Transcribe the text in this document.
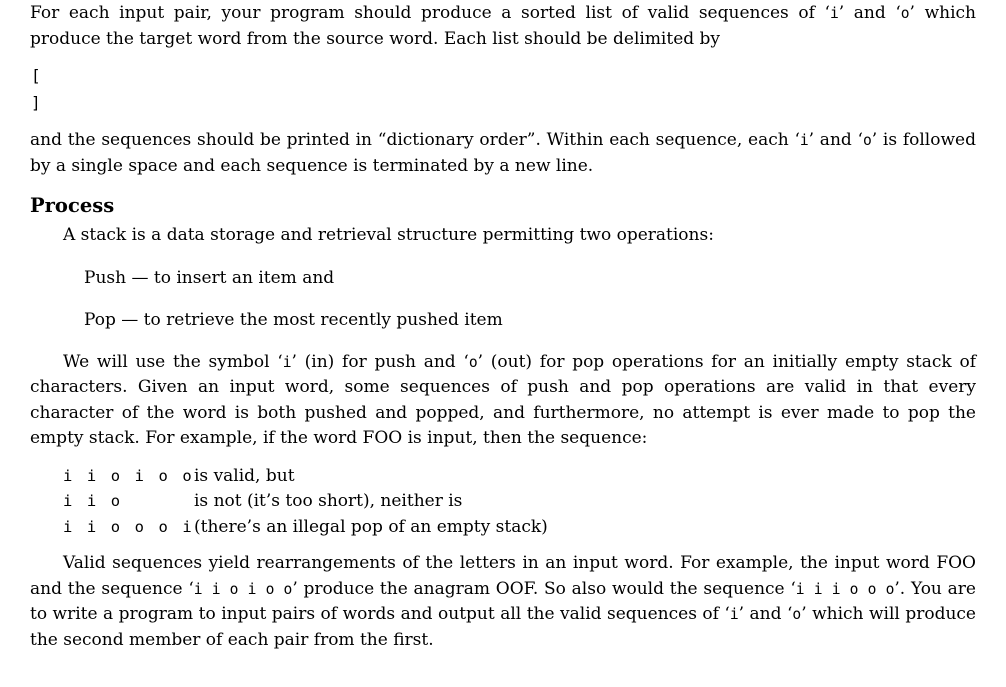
For each input pair, your program should produce a sorted list of valid sequences of ‘i’ and ‘o’ which produce the target word from the source word. Each list should be delimited by

[
]

and the sequences should be printed in “dictionary order”. Within each sequence, each ‘i’ and ‘o’ is followed by a single space and each sequence is terminated by a new line.

Process

A stack is a data storage and retrieval structure permitting two operations:

Push — to insert an item and

Pop — to retrieve the most recently pushed item

We will use the symbol ‘i’ (in) for push and ‘o’ (out) for pop operations for an initially empty stack of characters. Given an input word, some sequences of push and pop operations are valid in that every character of the word is both pushed and popped, and furthermore, no attempt is ever made to pop the empty stack. For example, if the word FOO is input, then the sequence:

i i o i o o is valid, but
i i o	is not (it’s too short), neither is
i i o o o i (there’s an illegal pop of an empty stack)

Valid sequences yield rearrangements of the letters in an input word. For example, the input word FOO and the sequence ‘i i o i o o’ produce the anagram OOF. So also would the sequence ‘i i i o o o’. You are to write a program to input pairs of words and output all the valid sequences of ‘i’ and ‘o’ which will produce the second member of each pair from the first.
